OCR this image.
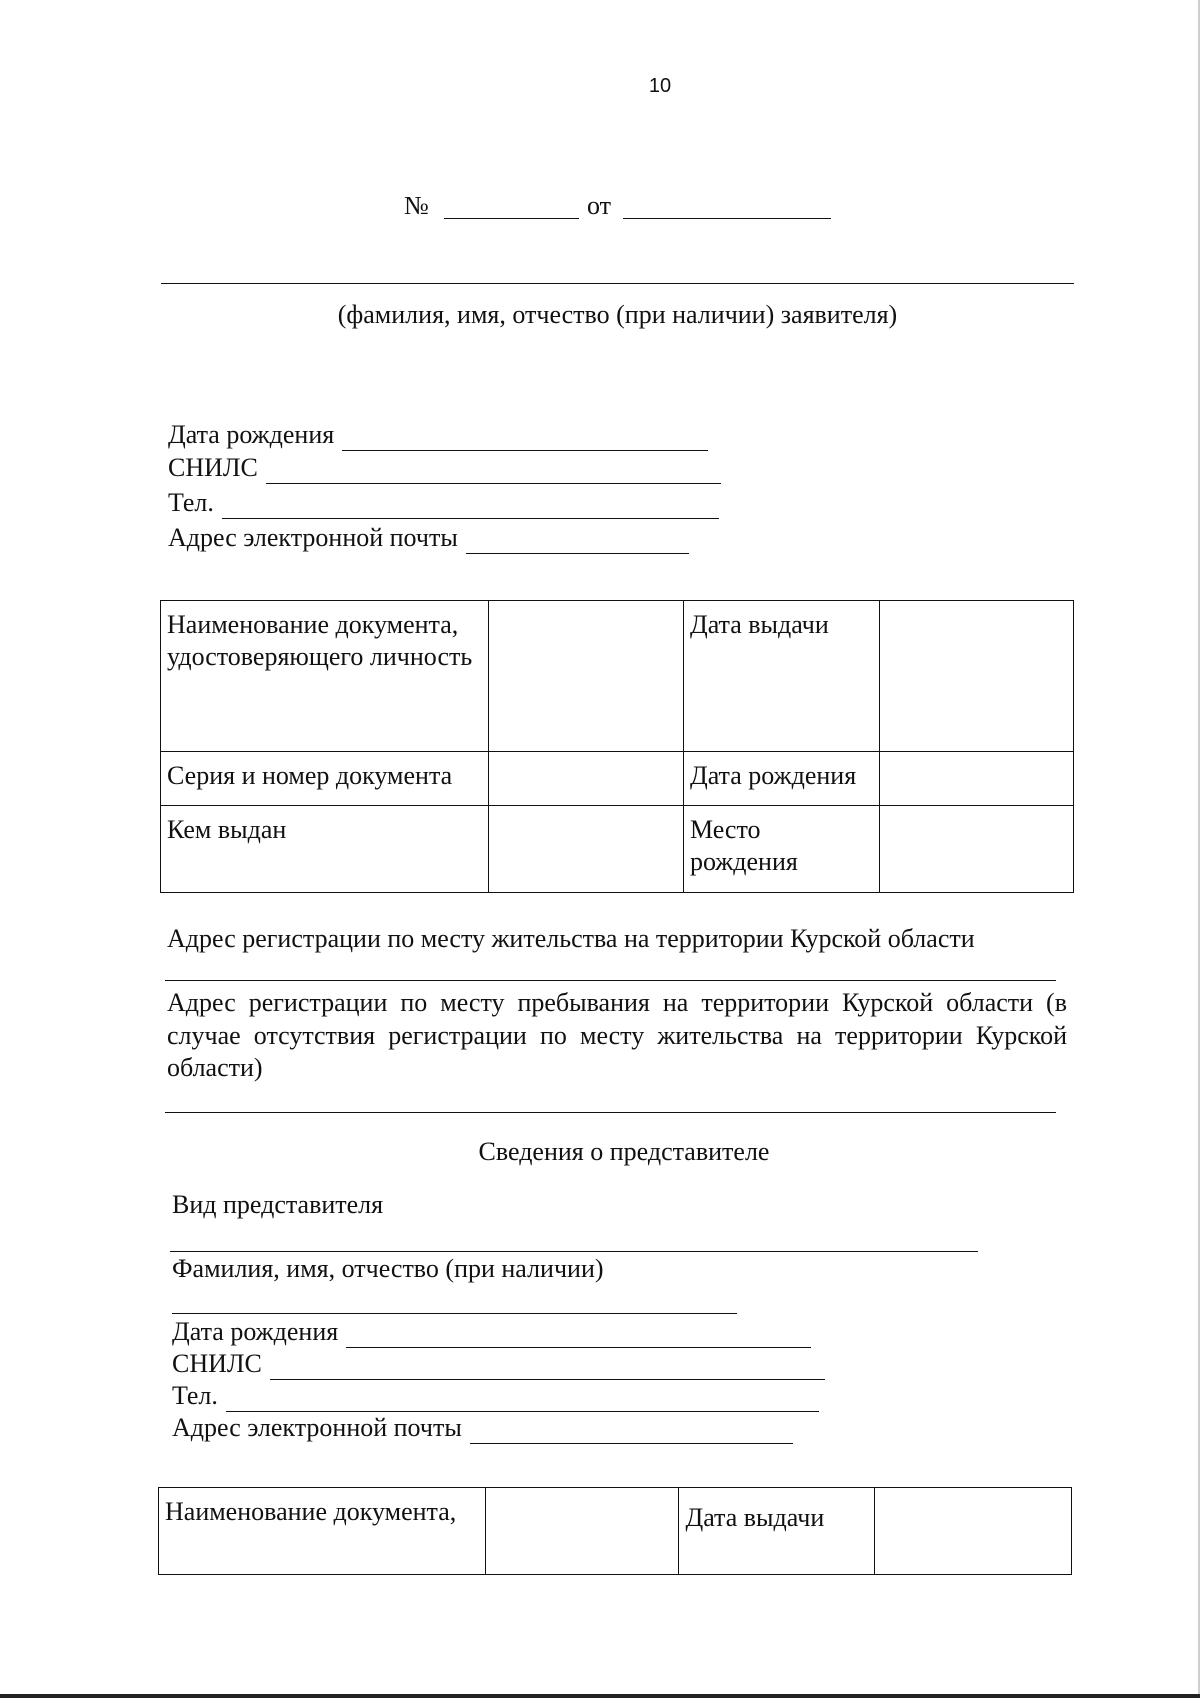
10
№	от
(фамилия, имя, отчество (при наличии) заявителя)
Дата рождения
СНИЛС
Тел.
Адрес электронной почты
Наименование документа, удостоверяющего личность		Дата выдачи	
Серия и номер документа		Дата рождения	
Кем выдан		Место рождения	
Адрес регистрации по месту жительства на территории Курской области
Адрес регистрации по месту пребывания на территории Курской области (в случае отсутствия регистрации по месту жительства на территории Курской области)
Сведения о представителе
Вид представителя
Фамилия, имя, отчество (при наличии)
Дата рождения
СНИЛС
Тел.
Адрес электронной почты
Наименование документа,		Дата выдачи	
